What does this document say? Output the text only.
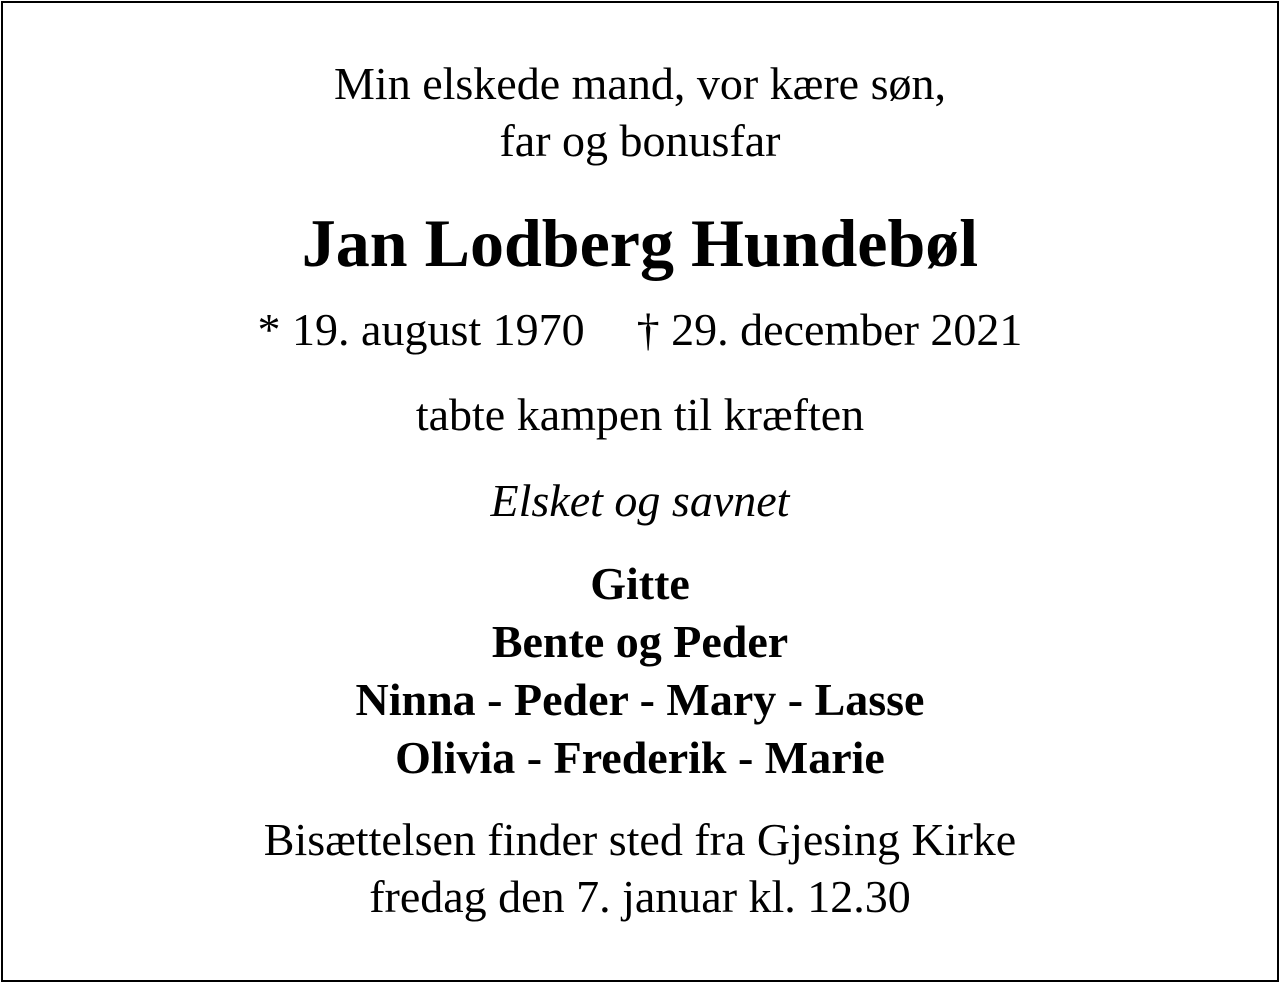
Min elskede mand, vor kære søn,
far og bonusfar
Jan Lodberg Hundebøl
* 19. august 1970 † 29. december 2021
tabte kampen til kræften
Elsket og savnet
Gitte
Bente og Peder
Ninna - Peder - Mary - Lasse
Olivia - Frederik - Marie
Bisættelsen finder sted fra Gjesing Kirke
fredag den 7. januar kl. 12.30
